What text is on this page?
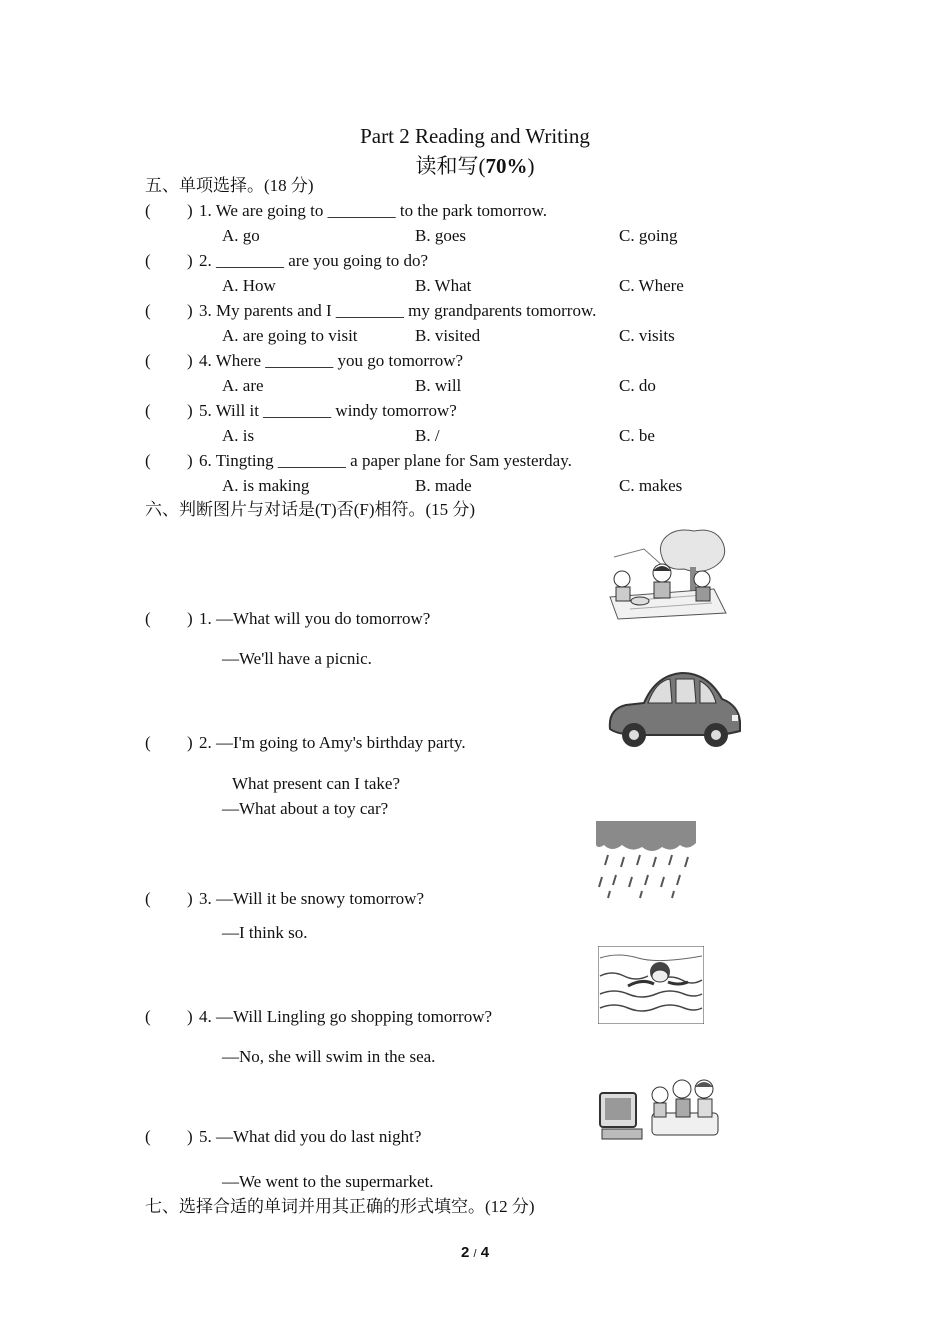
Part 2 Reading and Writing
读和写(70%)
五、单项选择。(18 分)
( ) 1. We are going to ________ to the park tomorrow.
A. go	B. goes	C. going
( ) 2. ________ are you going to do?
A. How	B. What	C. Where
( ) 3. My parents and I ________ my grandparents tomorrow.
A. are going to visit	B. visited	C. visits
( ) 4. Where ________ you go tomorrow?
A. are	B. will	C. do
( ) 5. Will it ________ windy tomorrow?
A. is	B. /	C. be
( ) 6. Tingting ________ a paper plane for Sam yesterday.
A. is making	B. made	C. makes
六、判断图片与对话是(T)否(F)相符。(15 分)
( ) 1. —What will you do tomorrow?
—We'll have a picnic.
( ) 2. —I'm going to Amy's birthday party.
What present can I take?
—What about a toy car?
( ) 3. —Will it be snowy tomorrow?
—I think so.
( ) 4. —Will Lingling go shopping tomorrow?
—No, she will swim in the sea.
( ) 5. —What did you do last night?
—We went to the supermarket.
七、选择合适的单词并用其正确的形式填空。(12 分)
2 / 4
